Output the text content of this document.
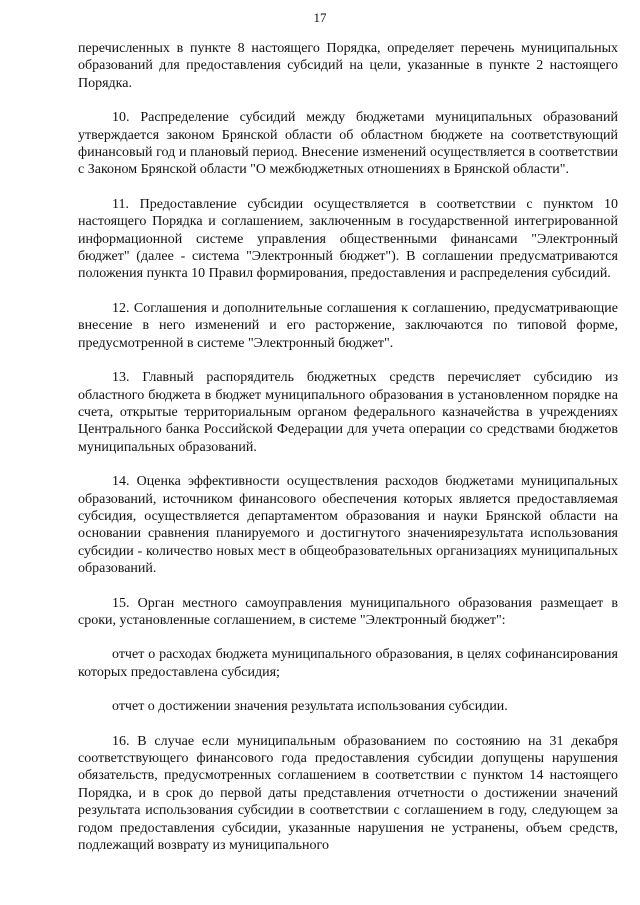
17

перечисленных в пункте 8 настоящего Порядка, определяет перечень муниципальных образований для предоставления субсидий на цели, указанные в пункте 2 настоящего Порядка.

10. Распределение субсидий между бюджетами муниципальных образований утверждается законом Брянской области об областном бюджете на соответствующий финансовый год и плановый период. Внесение изменений осуществляется в соответствии с Законом Брянской области "О межбюджетных отношениях в Брянской области".

11. Предоставление субсидии осуществляется в соответствии с пунктом 10 настоящего Порядка и соглашением, заключенным в государственной интегрированной информационной системе управления общественными финансами "Электронный бюджет" (далее - система "Электронный бюджет"). В соглашении предусматриваются положения пункта 10 Правил формирования, предоставления и распределения субсидий.

12. Соглашения и дополнительные соглашения к соглашению, предусматривающие внесение в него изменений и его расторжение, заключаются по типовой форме, предусмотренной в системе "Электронный бюджет".

13. Главный распорядитель бюджетных средств перечисляет субсидию из областного бюджета в бюджет муниципального образования в установленном порядке на счета, открытые территориальным органом федерального казначейства в учреждениях Центрального банка Российской Федерации для учета операции со средствами бюджетов муниципальных образований.

14. Оценка эффективности осуществления расходов бюджетами муниципальных образований, источником финансового обеспечения которых является предоставляемая субсидия, осуществляется департаментом образования и науки Брянской области на основании сравнения планируемого и достигнутого значениярезультата использования субсидии - количество новых мест в общеобразовательных организациях муниципальных образований.

15. Орган местного самоуправления муниципального образования размещает в сроки, установленные соглашением, в системе "Электронный бюджет":

отчет о расходах бюджета муниципального образования, в целях софинансирования которых предоставлена субсидия;

отчет о достижении значения результата использования субсидии.

16. В случае если муниципальным образованием по состоянию на 31 декабря соответствующего финансового года предоставления субсидии допущены нарушения обязательств, предусмотренных соглашением в соответствии с пунктом 14 настоящего Порядка, и в срок до первой даты представления отчетности о достижении значений результата использования субсидии в соответствии с соглашением в году, следующем за годом предоставления субсидии, указанные нарушения не устранены, объем средств, подлежащий возврату из муниципального
